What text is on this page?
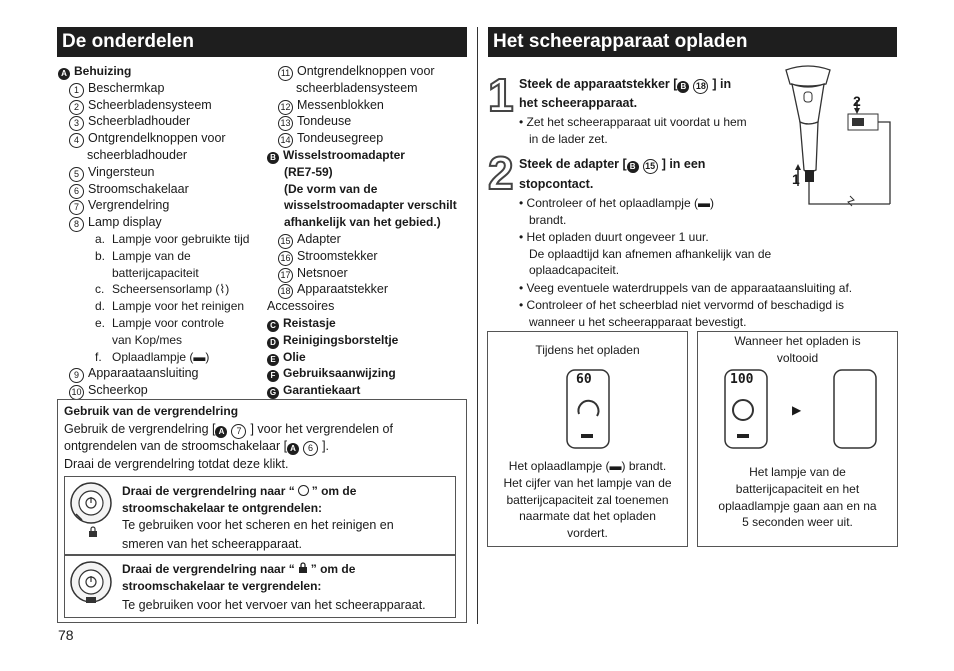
De onderdelen
A Behuizing
1 Beschermkap
2 Scheerbladensysteem
3 Scheerbladhouder
4 Ontgrendelknoppen voor
scheerbladhouder
5 Vingersteun
6 Stroomschakelaar
7 Vergrendelring
8 Lamp display
a. Lampje voor gebruikte tijd
b. Lampje van de
batterijcapaciteit
c. Scheersensorlamp (⌇)
d. Lampje voor het reinigen
e. Lampje voor controle
van Kop/mes
f. Oplaadlampje (▬)
9 Apparaataansluiting
10 Scheerkop
11 Ontgrendelknoppen voor
scheerbladensysteem
12 Messenblokken
13 Tondeuse
14 Tondeusegreep
B Wisselstroomadapter
(RE7-59)
(De vorm van de
wisselstroomadapter verschilt
afhankelijk van het gebied.)
15 Adapter
16 Stroomstekker
17 Netsnoer
18 Apparaatstekker
Accessoires
C Reistasje
D Reinigingsborsteltje
E Olie
F Gebruiksaanwijzing
G Garantiekaart
Gebruik van de vergrendelring
Gebruik de vergrendelring [ A 7 ] voor het vergrendelen of
ontgrendelen van de stroomschakelaar [ A 6 ].
Draai de vergrendelring totdat deze klikt.
Draai de vergrendelring naar “ ” om de
stroomschakelaar te ontgrendelen:
Te gebruiken voor het scheren en het reinigen en
smeren van het scheerapparaat.
Draai de vergrendelring naar “ ” om de
stroomschakelaar te vergrendelen:
Te gebruiken voor het vervoer van het scheerapparaat.
78
Het scheerapparaat opladen
1 Steek de apparaatstekker [ B 18 ] in
het scheerapparaat.
• Zet het scheerapparaat uit voordat u hem
in de lader zet.
2 Steek de adapter [ B 15 ] in een
stopcontact.
• Controleer of het oplaadlampje (▬)
brandt.
• Het opladen duurt ongeveer 1 uur.
De oplaadtijd kan afnemen afhankelijk van de
oplaadcapaciteit.
• Veeg eventuele waterdruppels van de apparaataansluiting af.
• Controleer of het scheerblad niet vervormd of beschadigd is
wanneer u het scheerapparaat bevestigt.
2
1
Tijdens het opladen
60
Het oplaadlampje (▬) brandt.
Het cijfer van het lampje van de
batterijcapaciteit zal toenemen
naarmate dat het opladen
vordert.
Wanneer het opladen is
voltooid
100
▶
Het lampje van de
batterijcapaciteit en het
oplaadlampje gaan aan en na
5 seconden weer uit.
